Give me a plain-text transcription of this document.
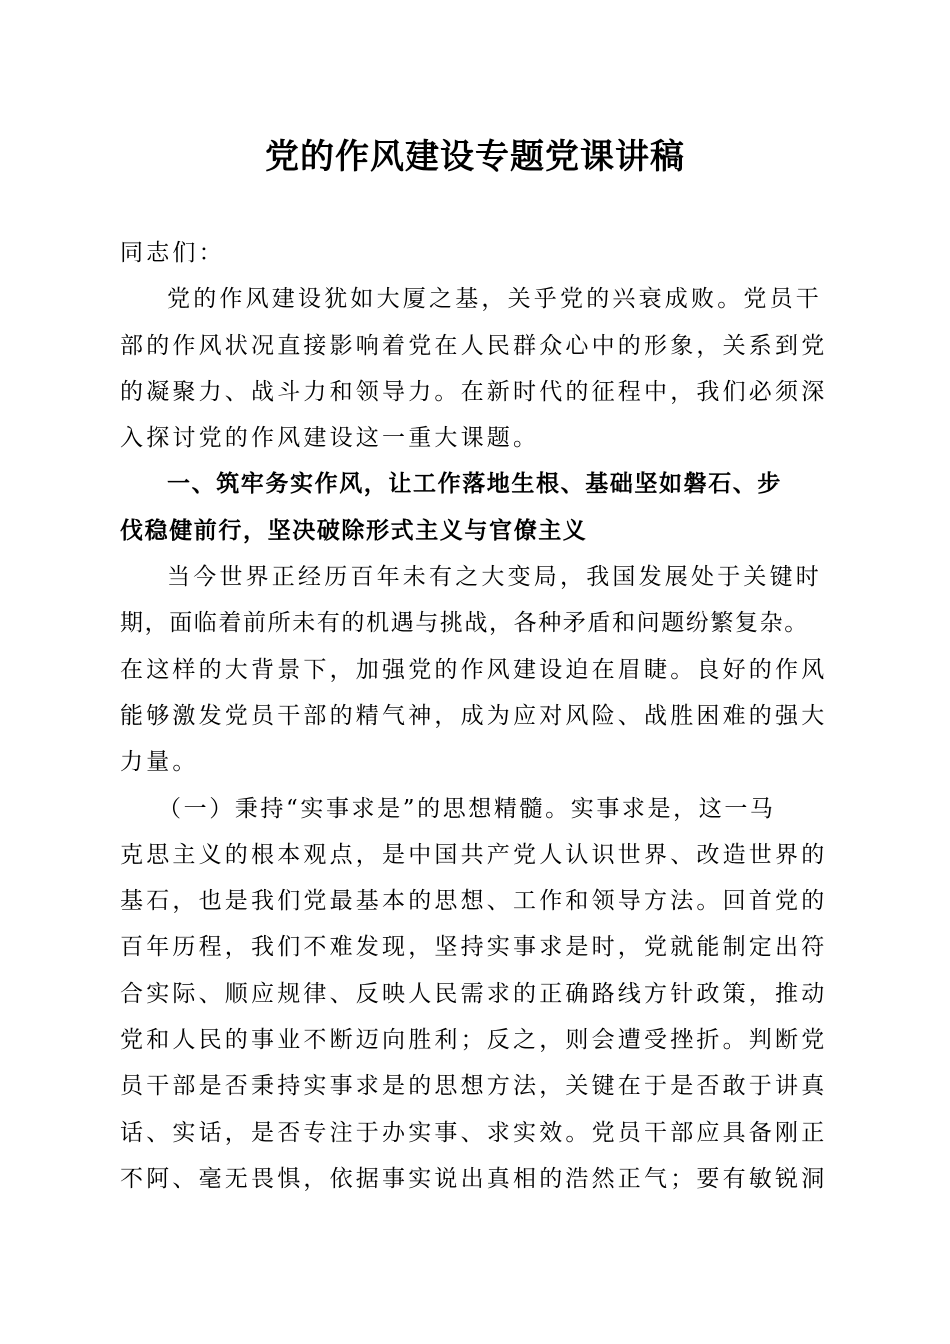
党的作风建设专题党课讲稿
同志们：
党的作风建设犹如大厦之基，关乎党的兴衰成败。党员干
部的作风状况直接影响着党在人民群众心中的形象，关系到党
的凝聚力、战斗力和领导力。在新时代的征程中，我们必须深
入探讨党的作风建设这一重大课题。
一、筑牢务实作风，让工作落地生根、基础坚如磐石、步
伐稳健前行，坚决破除形式主义与官僚主义
当今世界正经历百年未有之大变局，我国发展处于关键时
期，面临着前所未有的机遇与挑战，各种矛盾和问题纷繁复杂。
在这样的大背景下，加强党的作风建设迫在眉睫。良好的作风
能够激发党员干部的精气神，成为应对风险、战胜困难的强大
力量。
（一）秉持“实事求是”的思想精髓。实事求是，这一马
克思主义的根本观点，是中国共产党人认识世界、改造世界的
基石，也是我们党最基本的思想、工作和领导方法。回首党的
百年历程，我们不难发现，坚持实事求是时，党就能制定出符
合实际、顺应规律、反映人民需求的正确路线方针政策，推动
党和人民的事业不断迈向胜利；反之，则会遭受挫折。判断党
员干部是否秉持实事求是的思想方法，关键在于是否敢于讲真
话、实话，是否专注于办实事、求实效。党员干部应具备刚正
不阿、毫无畏惧，依据事实说出真相的浩然正气；要有敏锐洞
